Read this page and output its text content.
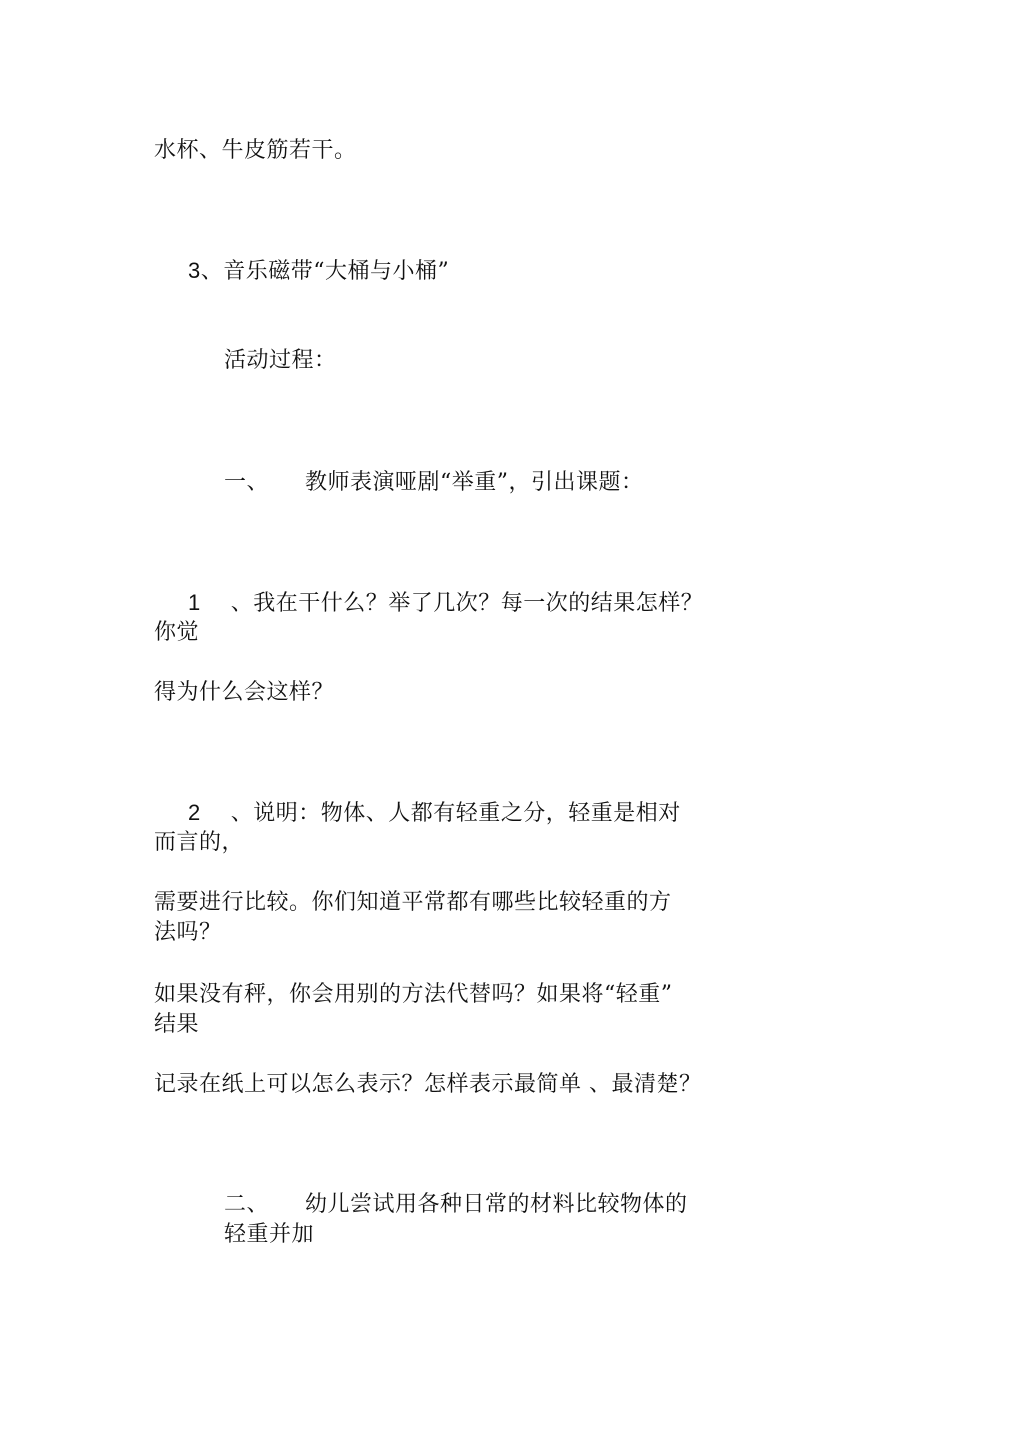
水杯、牛皮筋若干。
3、音乐磁带“大桶与小桶”
活动过程：
一、 教师表演哑剧“举重”，引出课题：
1 、我在干什么？举了几次？每一次的结果怎样？
你觉
得为什么会这样？
2 、说明：物体、人都有轻重之分，轻重是相对
而言的，
需要进行比较。你们知道平常都有哪些比较轻重的方
法吗？
如果没有秤，你会用别的方法代替吗？如果将“轻重”
结果
记录在纸上可以怎么表示？怎样表示最简单 、最清楚？
二、 幼儿尝试用各种日常的材料比较物体的
轻重并加
